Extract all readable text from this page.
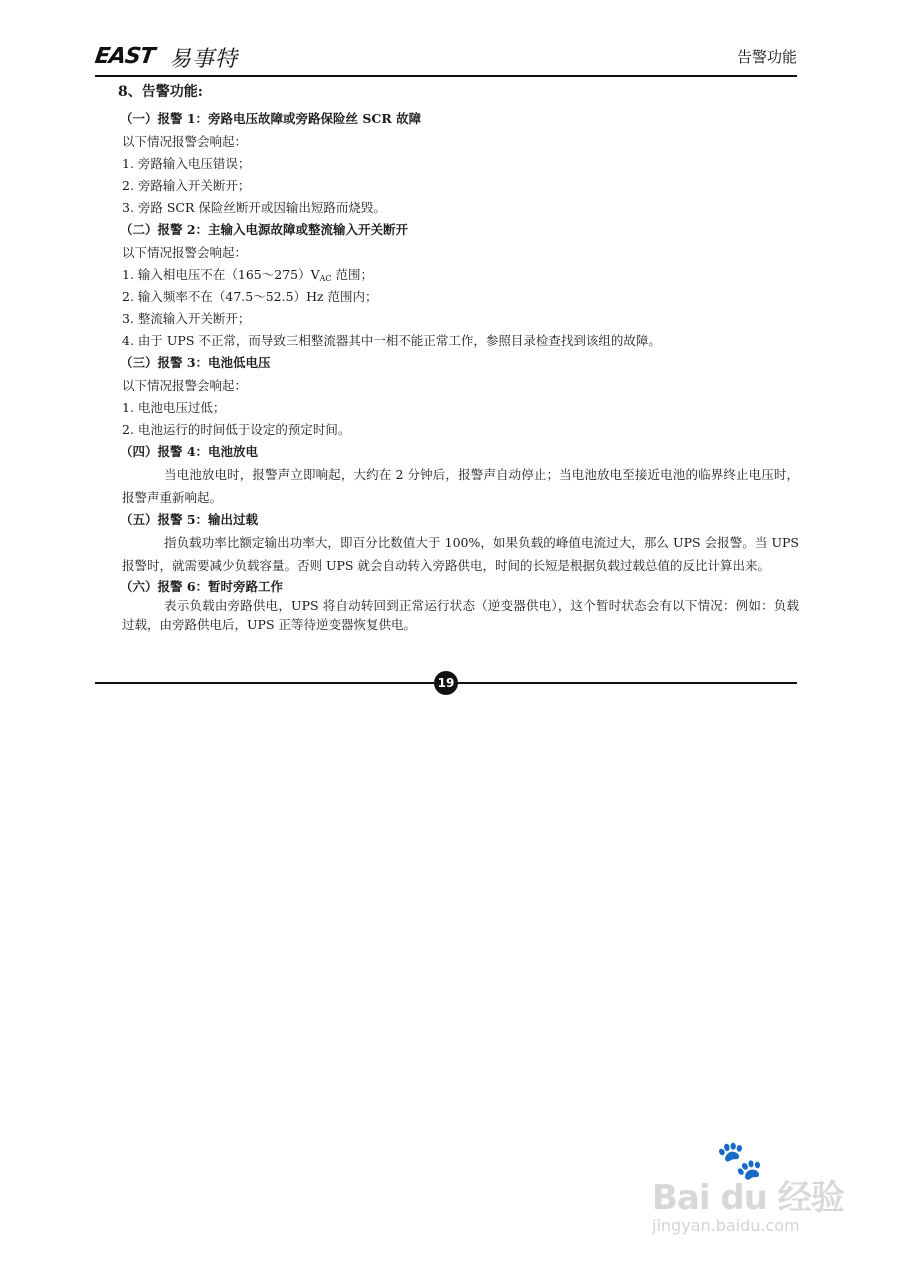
EAST 易事特	告警功能
8、告警功能:
（一）报警 1：旁路电压故障或旁路保险丝 SCR 故障
以下情况报警会响起：
1. 旁路输入电压错误；
2. 旁路输入开关断开；
3. 旁路 SCR 保险丝断开或因输出短路而烧毁。
（二）报警 2：主输入电源故障或整流输入开关断开
以下情况报警会响起：
1. 输入相电压不在$(165\sim 275)V_{AC}$ 范围；
2. 输入频率不在（47.5～52.5）Hz 范围内；
3. 整流输入开关断开；
4. 由于 UPS 不正常，而导致三相整流器其中一相不能正常工作，参照目录检查找到该组的故障。
（三）报警 3：电池低电压
以下情况报警会响起：
1. 电池电压过低；
2. 电池运行的时间低于设定的预定时间。
（四）报警 4：电池放电
当电池放电时，报警声立即响起，大约在 2 分钟后，报警声自动停止；当电池放电至接近电池的临界终止电压时，报警声重新响起。
（五）报警 5：输出过载
指负载功率比额定输出功率大，即百分比数值大于 100%，如果负载的峰值电流过大，那么 UPS 会报警。当 UPS 报警时，就需要减少负载容量。否则 UPS 就会自动转入旁路供电，时间的长短是根据负载过载总值的反比计算出来。
（六）报警 6：暂时旁路工作
表示负载由旁路供电，UPS 将自动转回到正常运行状态（逆变器供电），这个暂时状态会有以下情况：例如：负载过载，由旁路供电后，UPS 正等待逆变器恢复供电。
19
🐾
Bai du 经验
jingyan.baidu.com
